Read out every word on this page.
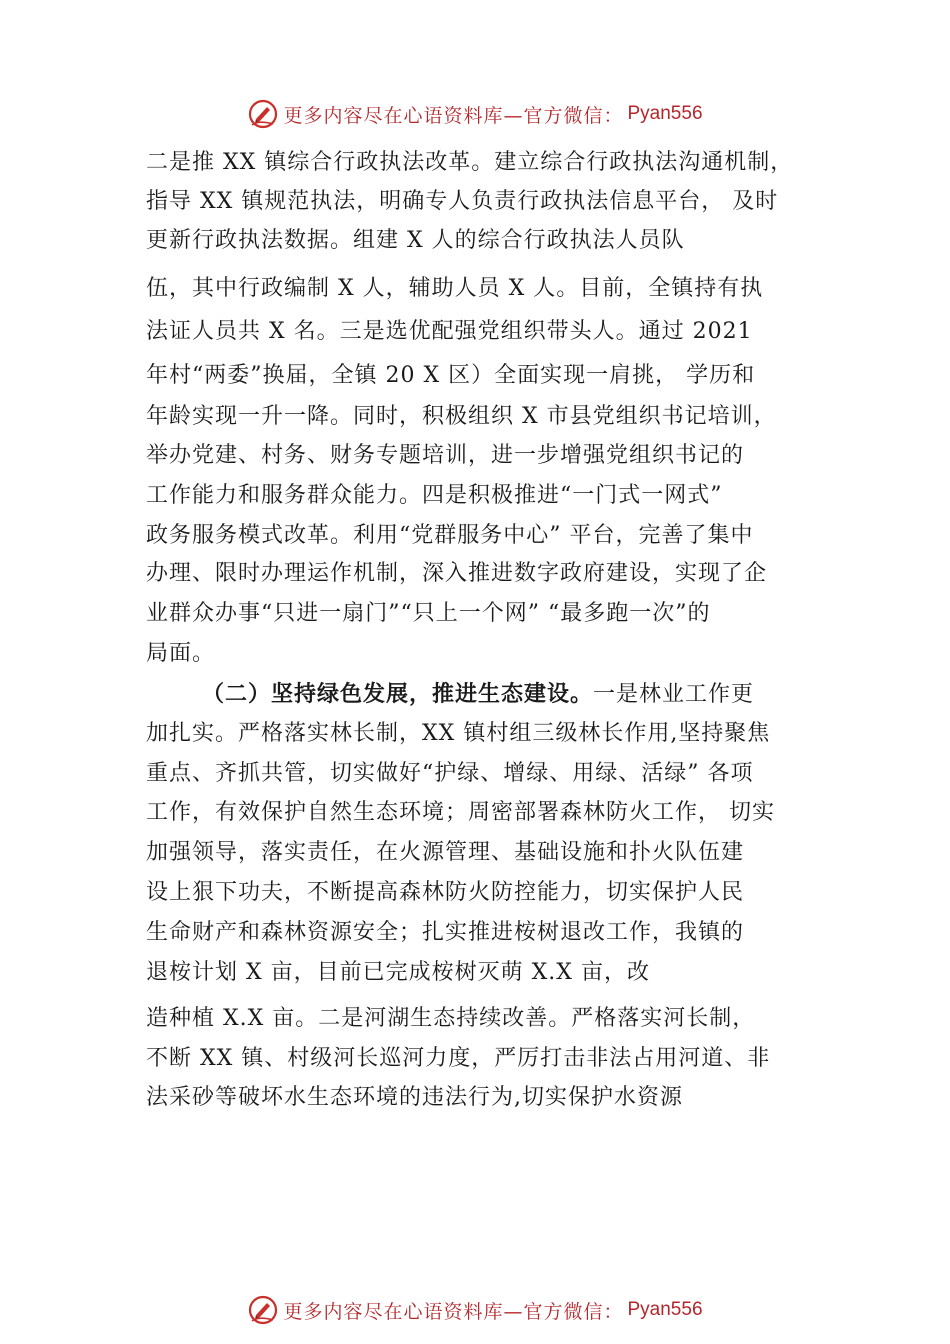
更多内容尽在心语资料库—官方微信： Pyan556
二是推 XX 镇综合行政执法改革。建立综合行政执法沟通机制，
指导 XX 镇规范执法，明确专人负责行政执法信息平台， 及时
更新行政执法数据。组建 X 人的综合行政执法人员队
伍，其中行政编制 X 人，辅助人员 X 人。目前，全镇持有执
法证人员共 X 名。三是选优配强党组织带头人。通过 2021
年村“两委”换届，全镇 20 X 区）全面实现一肩挑， 学历和
年龄实现一升一降。同时，积极组织 X 市县党组织书记培训，
举办党建、村务、财务专题培训，进一步增强党组织书记的
工作能力和服务群众能力。四是积极推进“一门式一网式”
政务服务模式改革。利用“党群服务中心” 平台，完善了集中
办理、限时办理运作机制，深入推进数字政府建设，实现了企
业群众办事“只进一扇门”“只上一个网” “最多跑一次”的
局面。
（二）坚持绿色发展，推进生态建设。一是林业工作更
加扎实。严格落实林长制，XX 镇村组三级林长作用,坚持聚焦
重点、齐抓共管，切实做好“护绿、增绿、用绿、活绿” 各项
工作，有效保护自然生态环境；周密部署森林防火工作， 切实
加强领导，落实责任，在火源管理、基础设施和扑火队伍建
设上狠下功夫，不断提高森林防火防控能力，切实保护人民
生命财产和森林资源安全；扎实推进桉树退改工作，我镇的
退桉计划 X 亩，目前已完成桉树灭萌 X.X 亩，改
造种植 X.X 亩。二是河湖生态持续改善。严格落实河长制，
不断 XX 镇、村级河长巡河力度，严厉打击非法占用河道、非
法采砂等破坏水生态环境的违法行为,切实保护水资源
更多内容尽在心语资料库—官方微信： Pyan556
